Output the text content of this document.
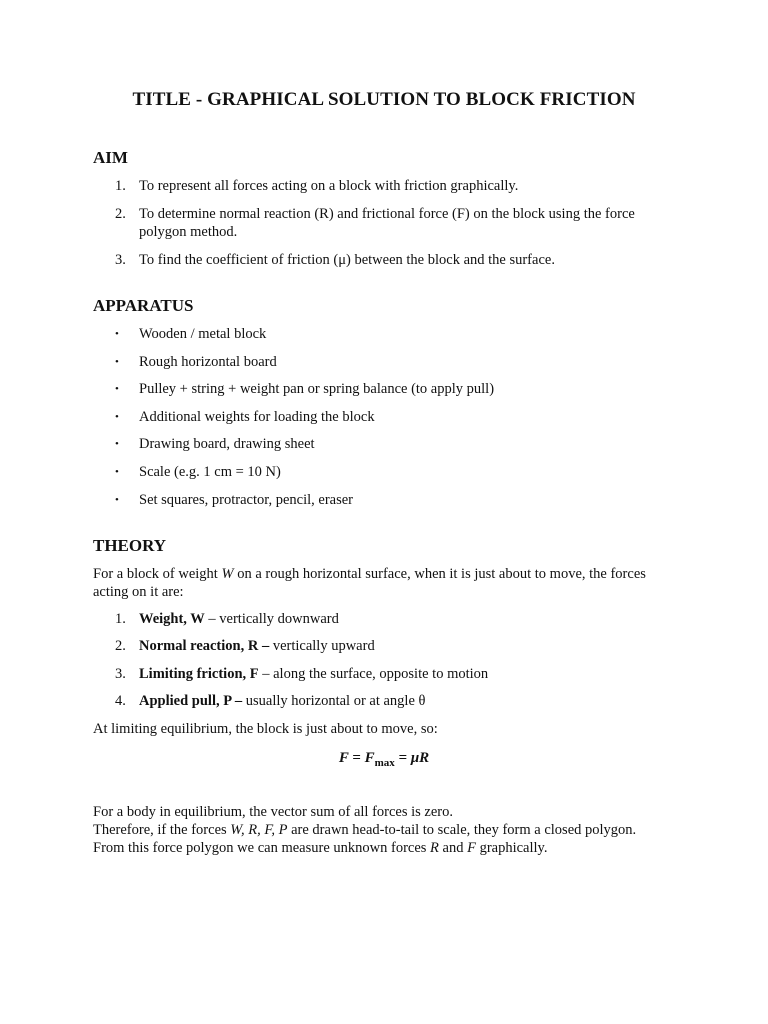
TITLE - GRAPHICAL SOLUTION TO BLOCK FRICTION
AIM
1. To represent all forces acting on a block with friction graphically.
2. To determine normal reaction (R) and frictional force (F) on the block using the force polygon method.
3. To find the coefficient of friction (μ) between the block and the surface.
APPARATUS
• Wooden / metal block
• Rough horizontal board
• Pulley + string + weight pan or spring balance (to apply pull)
• Additional weights for loading the block
• Drawing board, drawing sheet
• Scale (e.g. 1 cm = 10 N)
• Set squares, protractor, pencil, eraser
THEORY

For a block of weight W on a rough horizontal surface, when it is just about to move, the forces acting on it are:

1. Weight, W – vertically downward
2. Normal reaction, R – vertically upward
3. Limiting friction, F – along the surface, opposite to motion
4. Applied pull, P – usually horizontal or at angle θ

At limiting equilibrium, the block is just about to move, so:

$F = F_{max} = \mu R$

For a body in equilibrium, the vector sum of all forces is zero.

Therefore, if the forces W, R, F, P are drawn head-to-tail to scale, they form a closed polygon.

From this force polygon we can measure unknown forces R and F graphically.
